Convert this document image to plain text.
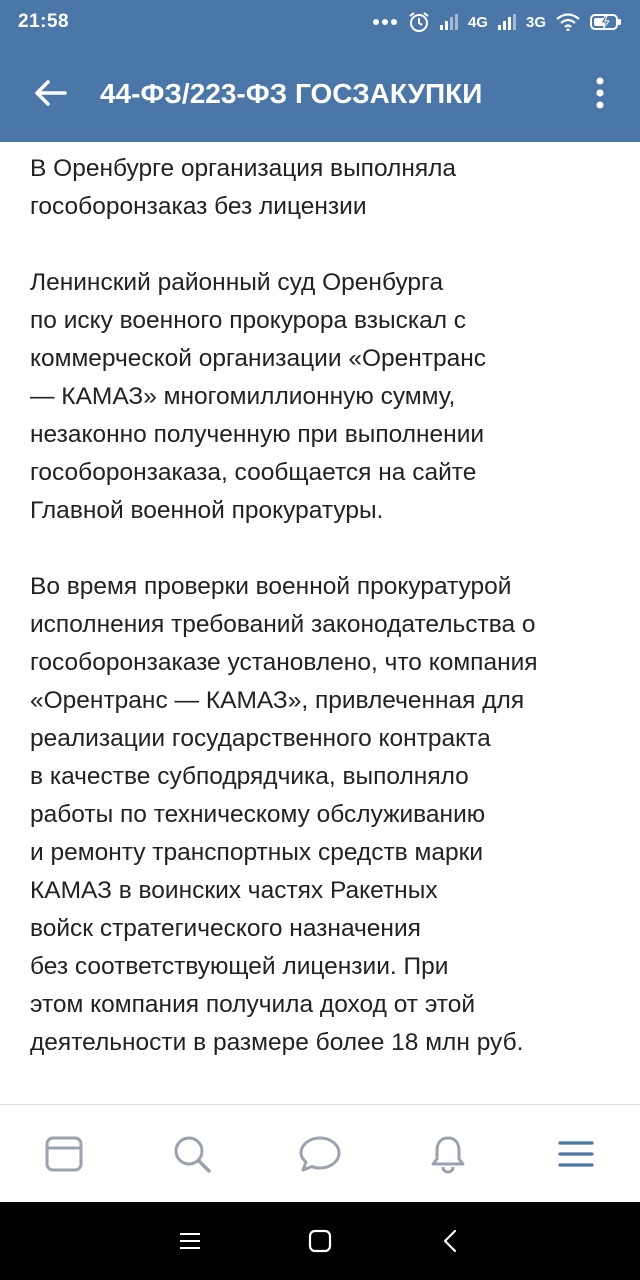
21:58	4G	3G
44-ФЗ/223-ФЗ ГОСЗАКУПКИ

В Оренбурге организация выполняла
гособоронзаказ без лицензии

Ленинский районный суд Оренбурга
по иску военного прокурора взыскал с
коммерческой организации «Орентранс
— КАМАЗ» многомиллионную сумму,
незаконно полученную при выполнении
гособоронзаказа, сообщается на сайте
Главной военной прокуратуры.

Во время проверки военной прокуратурой
исполнения требований законодательства о
гособоронзаказе установлено, что компания
«Орентранс — КАМАЗ», привлеченная для
реализации государственного контракта
в качестве субподрядчика, выполняло
работы по техническому обслуживанию
и ремонту транспортных средств марки
КАМАЗ в воинских частях Ракетных
войск стратегического назначения
без соответствующей лицензии. При
этом компания получила доход от этой
деятельности в размере более 18 млн руб.
